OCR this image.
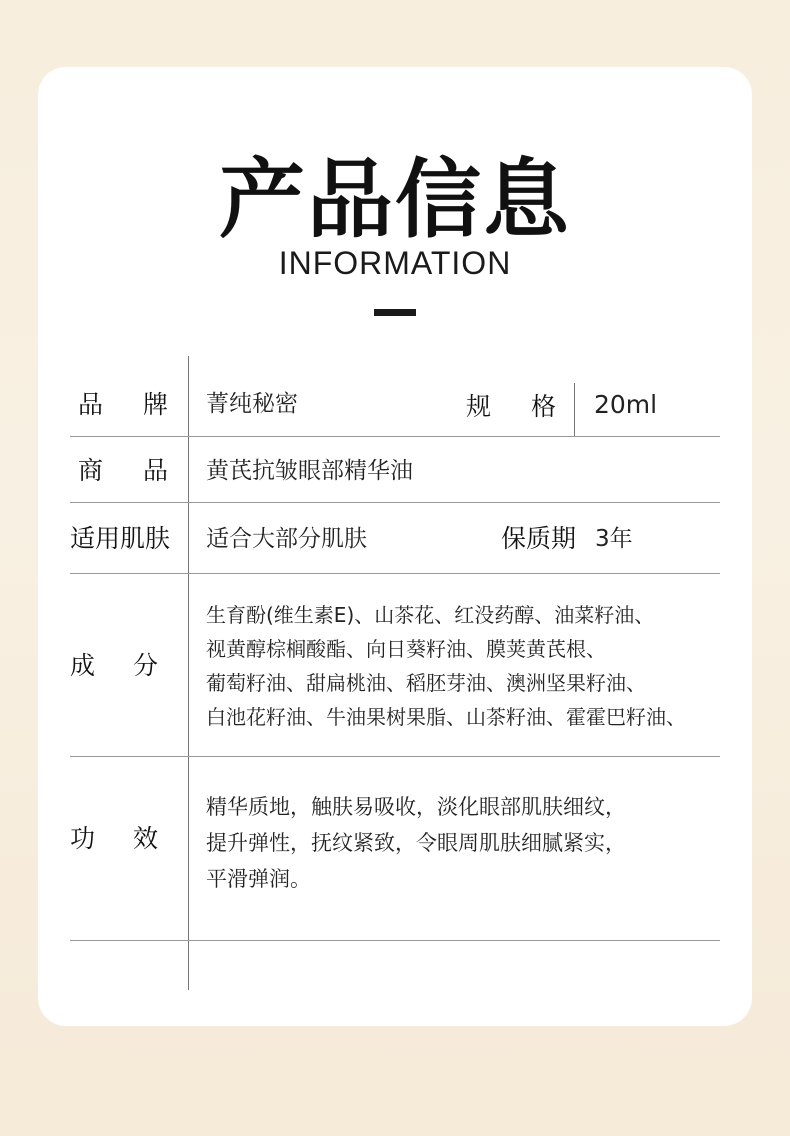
产品信息
INFORMATION
品 牌 菁纯秘密	规 格 20ml
商 品 黄芪抗皱眼部精华油
适用肌肤 适合大部分肌肤	保质期 3年
成 分
生育酚(维生素E)、山茶花、红没药醇、油菜籽油、
视黄醇棕榈酸酯、向日葵籽油、膜荚黄芪根、
葡萄籽油、甜扁桃油、稻胚芽油、澳洲坚果籽油、
白池花籽油、牛油果树果脂、山茶籽油、霍霍巴籽油、
功 效
精华质地，触肤易吸收，淡化眼部肌肤细纹，
提升弹性，抚纹紧致，令眼周肌肤细腻紧实，
平滑弹润。
